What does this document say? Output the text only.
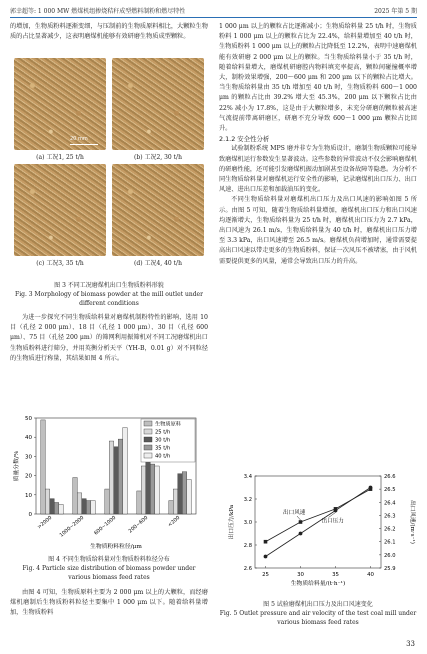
郭幸超等: 1 000 MW 燃煤机组掺烧秸秆成型燃料制粉和燃尽特性	2025 年第 5 期

的增加，生物质粉料逐渐变细，与压制前的生物质原料相比，大颗粒生物质的占比显著减少，这表明磨煤机能够有效研磨生物质成型颗粒。

20 mm
(a) 工况1, 25 t/h	(b) 工况2, 30 t/h
(c) 工况3, 35 t/h	(d) 工况4, 40 t/h
图 3 不同工况磨煤机出口生物质粉料形貌
Fig. 3 Morphology of biomass powder at the mill outlet under
different conditions

为进一步探究不同生物质给料量对磨煤机制粉特性的影响，选用 10 目（孔径 2 000 μm）、18 目（孔径 1 000 μm）、30 目（孔径 600 μm）、75 目（孔径 200 μm）的筛网利用振筛机对不同工况磨煤机出口生物质粉料进行筛分，并用英衡分析天平（YH-B，0.01 g）对不同粒径的生物质进行称量，其结果如图 4 所示。

0
10
20
30
40
50
>2000 1000~2000 600~1000 200~600	<200
生物质粉料粒径/μm
质量分数/%
生物质原料
25 t/h
30 t/h
35 t/h
40 t/h
图 4 不同生物质给料量对生物质粉料粒径分布
Fig. 4 Particle size distribution of biomass powder under
various biomass feed rates

由图 4 可知，生物质原料主要为 2 000 μm 以上的大颗粒，而经磨煤机磨制后生物质粉料粒径主要集中 1 000 μm 以下。随着给料量增加，生物质粉料

1 000 μm 以上的颗粒占比逐渐减小；生物质给料量 25 t/h 时，生物质粉料 1 000 μm 以上的颗粒占比为 22.4%，给料量增加至 40 t/h 时，生物质粉料 1 000 μm 以上的颗粒占比降低至 12.2%，表明中速磨煤机能有效研磨 2 000 μm 以上的颗粒。当生物质给料量小于 35 t/h 时，随着给料量增大，磨煤机研磨腔内物料填充率提高，颗粒间碰撞概率增大，制粉效果增强，200～600 μm 和 200 μm 以下的颗粒占比增大。当生物质给料量由 35 t/h 增加至 40 t/h 时，生物质粉料 600～1 000 μm 的颗粒占比由 39.2% 增大至 45.3%，200 μm 以下颗粒占比由 22% 减小为 17.8%，这是由于大颗粒增多，未充分研磨的颗粒被高速气流提前带离研磨区，研磨不充分导致 600～1 000 μm 颗粒占比回升。

2.1.2 安全性分析

试验制粉系统 MPS 磨并非专为生物质设计，磨制生物质颗粒可能导致磨煤机运行参数发生显著波动。这些参数的异常波动不仅会影响磨煤机的研磨性能，还可能引发磨煤机振动加剧甚至设备故障等隐患。为分析不同生物质给料量对磨煤机运行安全性的影响，记录磨煤机出口压力、出口风速、进出口压差和加载油压的变化。

不同生物质给料量对磨煤机出口压力及出口风速的影响如图 5 所示。由图 5 可知，随着生物质给料量增加，磨煤机出口压力和出口风速均逐渐增大，生物质给料量为 25 t/h 时，磨煤机出口压力为 2.7 kPa，出口风速为 26.1 m/s，生物质给料量为 40 t/h 时，磨煤机出口压力增至 3.3 kPa，出口风速增至 26.5 m/s。磨煤机负荷增加时，通常需要提高出口风速以带走更多的生物质粉料，保证一次风压不被堵塞，由于风机需要提供更多的风量，通常会导致出口压力的升高。

2.6
2.8
3.0
3.2
3.4
25.9
26.0
26.1
26.2
26.3
26.4
26.5
26.6
25	30	35	40
生物质给料量/(t·h⁻¹)
出口压力/kPa	出口风速/(m·s⁻¹)
出口风速
出口压力
图 5 试验磨煤机出口压力及出口风速变化
Fig. 5 Outlet pressure and air velocity of the test coal mill under
various biomass feed rates
33
